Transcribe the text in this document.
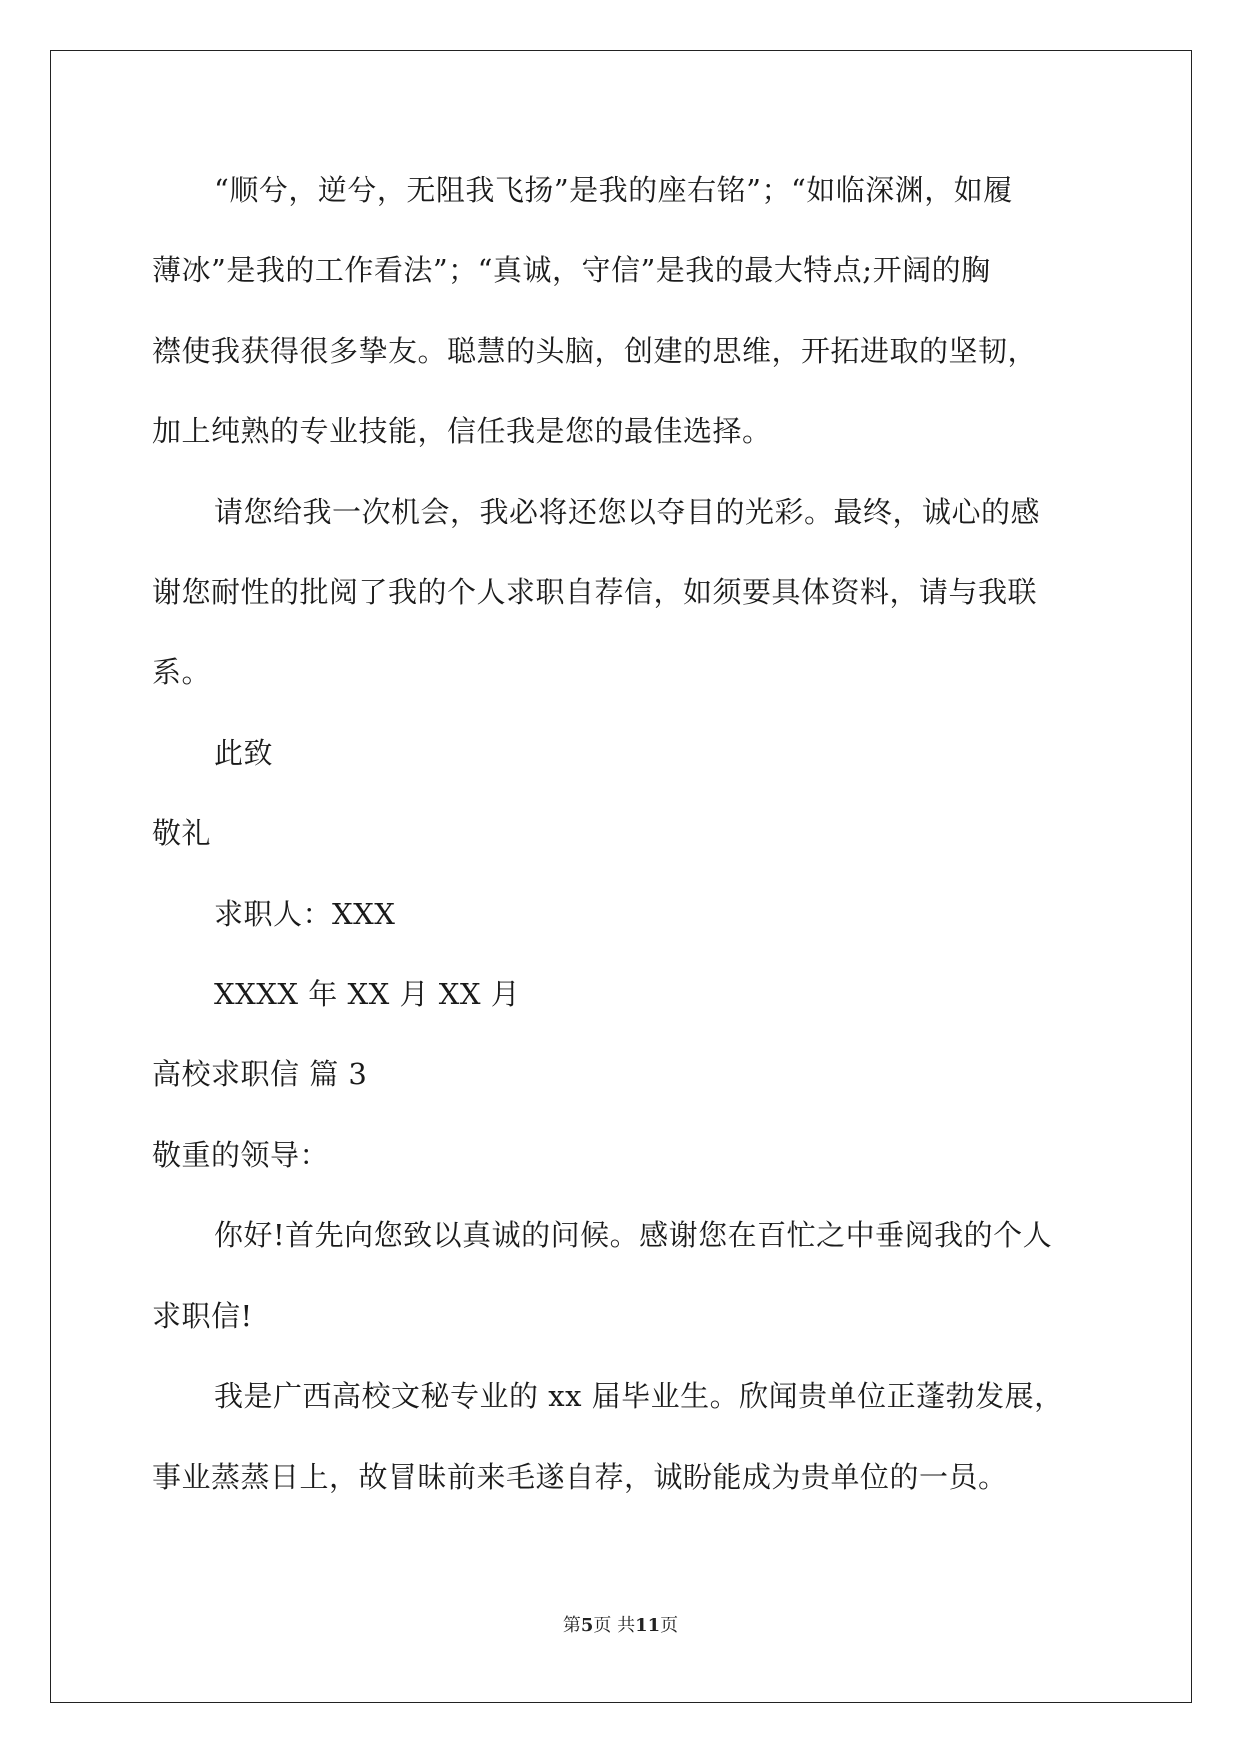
“顺兮，逆兮，无阻我飞扬”是我的座右铭”；“如临深渊，如履
薄冰”是我的工作看法”；“真诚，守信”是我的最大特点;开阔的胸
襟使我获得很多挚友。聪慧的头脑，创建的思维，开拓进取的坚韧，
加上纯熟的专业技能，信任我是您的最佳选择。
请您给我一次机会，我必将还您以夺目的光彩。最终，诚心的感
谢您耐性的批阅了我的个人求职自荐信，如须要具体资料，请与我联
系。
此致
敬礼
求职人：XXX
XXXX 年 XX 月 XX 月
高校求职信 篇 3
敬重的领导：
你好!首先向您致以真诚的问候。感谢您在百忙之中垂阅我的个人
求职信!
我是广西高校文秘专业的 xx 届毕业生。欣闻贵单位正蓬勃发展，
事业蒸蒸日上，故冒昧前来毛遂自荐，诚盼能成为贵单位的一员。
第5页 共11页
